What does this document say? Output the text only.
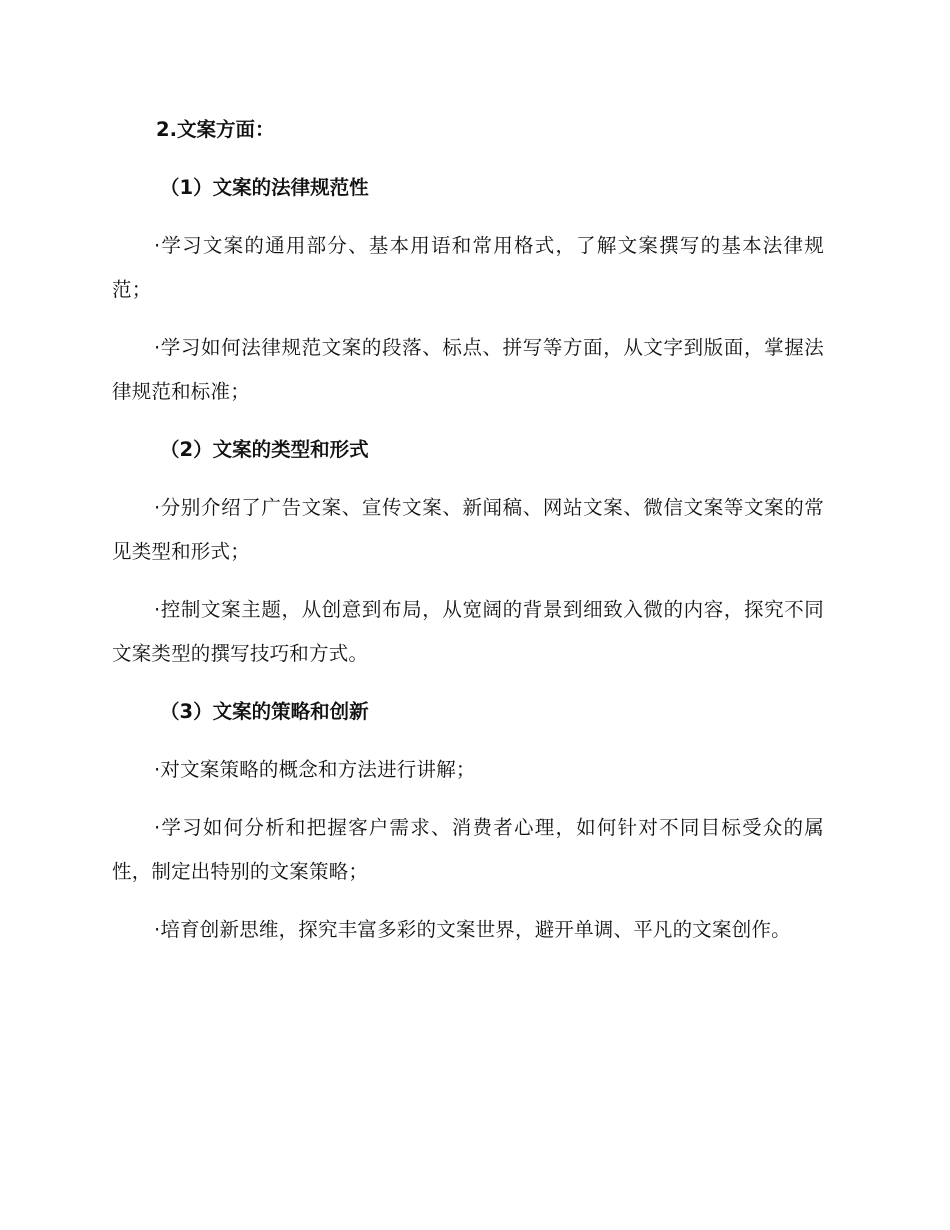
2.文案方面：
（1）文案的法律规范性

·学习文案的通用部分、基本用语和常用格式，了解文案撰写的基本法律规范；

·学习如何法律规范文案的段落、标点、拼写等方面，从文字到版面，掌握法律规范和标准；

（2）文案的类型和形式

·分别介绍了广告文案、宣传文案、新闻稿、网站文案、微信文案等文案的常见类型和形式；

·控制文案主题，从创意到布局，从宽阔的背景到细致入微的内容，探究不同文案类型的撰写技巧和方式。

（3）文案的策略和创新

·对文案策略的概念和方法进行讲解；

·学习如何分析和把握客户需求、消费者心理，如何针对不同目标受众的属性，制定出特别的文案策略；

·培育创新思维，探究丰富多彩的文案世界，避开单调、平凡的文案创作。
